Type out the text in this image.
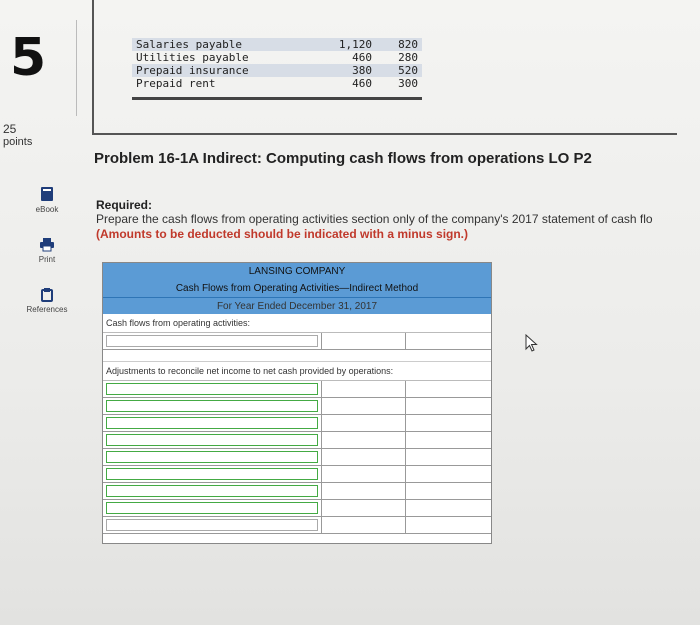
5	Salaries payable	1,120	820
Utilities payable	460	280
Prepaid insurance	380	520
Prepaid rent	460	300
25
points
eBook
Print
References
Problem 16-1A Indirect: Computing cash flows from operations LO P2
Required:
Prepare the cash flows from operating activities section only of the company's 2017 statement of cash flo
(Amounts to be deducted should be indicated with a minus sign.)
LANSING COMPANY
Cash Flows from Operating Activities—Indirect Method
For Year Ended December 31, 2017
Cash flows from operating activities:
Adjustments to reconcile net income to net cash provided by operations:
